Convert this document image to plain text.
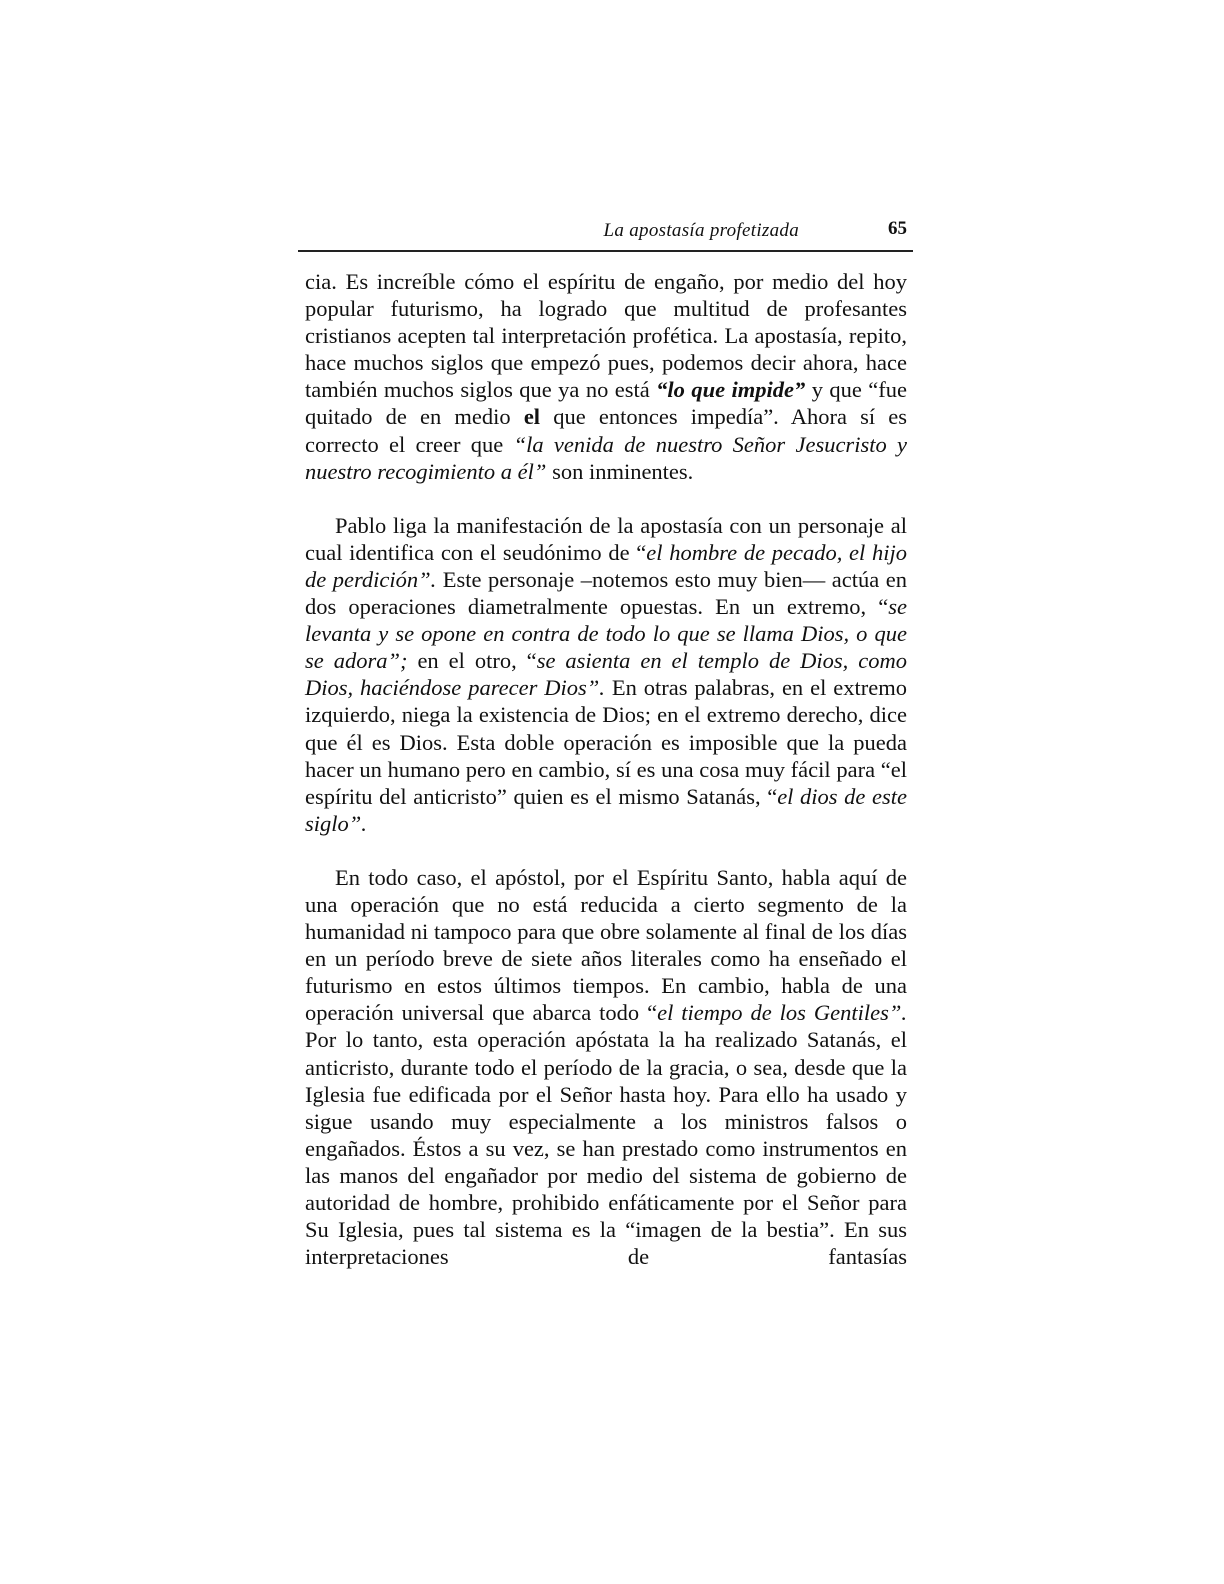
La apostasía profetizada	65

cia. Es increíble cómo el espíritu de engaño, por medio del hoy popular futurismo, ha logrado que multitud de profesantes cristianos acepten tal interpretación profética. La apostasía, repito, hace muchos siglos que empezó pues, podemos decir ahora, hace también muchos siglos que ya no está “lo que impide” y que “fue quitado de en medio el que entonces impedía”. Ahora sí es correcto el creer que “la venida de nuestro Señor Jesucristo y nuestro recogimiento a él” son inminentes.

Pablo liga la manifestación de la apostasía con un personaje al cual identifica con el seudónimo de “el hombre de pecado, el hijo de perdición”. Este personaje –notemos esto muy bien— actúa en dos operaciones diametralmente opuestas. En un extremo, “se levanta y se opone en contra de todo lo que se llama Dios, o que se adora”; en el otro, “se asienta en el templo de Dios, como Dios, haciéndose parecer Dios”. En otras palabras, en el extremo izquierdo, niega la existencia de Dios; en el extremo derecho, dice que él es Dios. Esta doble operación es imposible que la pueda hacer un humano pero en cambio, sí es una cosa muy fácil para “el espíritu del anticristo” quien es el mismo Satanás, “el dios de este siglo”.

En todo caso, el apóstol, por el Espíritu Santo, habla aquí de una operación que no está reducida a cierto segmento de la humanidad ni tampoco para que obre solamente al final de los días en un período breve de siete años literales como ha enseñado el futurismo en estos últimos tiempos. En cambio, habla de una operación universal que abarca todo “el tiempo de los Gentiles”. Por lo tanto, esta operación apóstata la ha realizado Satanás, el anticristo, durante todo el período de la gracia, o sea, desde que la Iglesia fue edificada por el Señor hasta hoy. Para ello ha usado y sigue usando muy especialmente a los ministros falsos o engañados. Éstos a su vez, se han prestado como instrumentos en las manos del engañador por medio del sistema de gobierno de autoridad de hombre, prohibido enfáticamente por el Señor para Su Iglesia, pues tal sistema es la “imagen de la bestia”. En sus interpretaciones de fantasías
